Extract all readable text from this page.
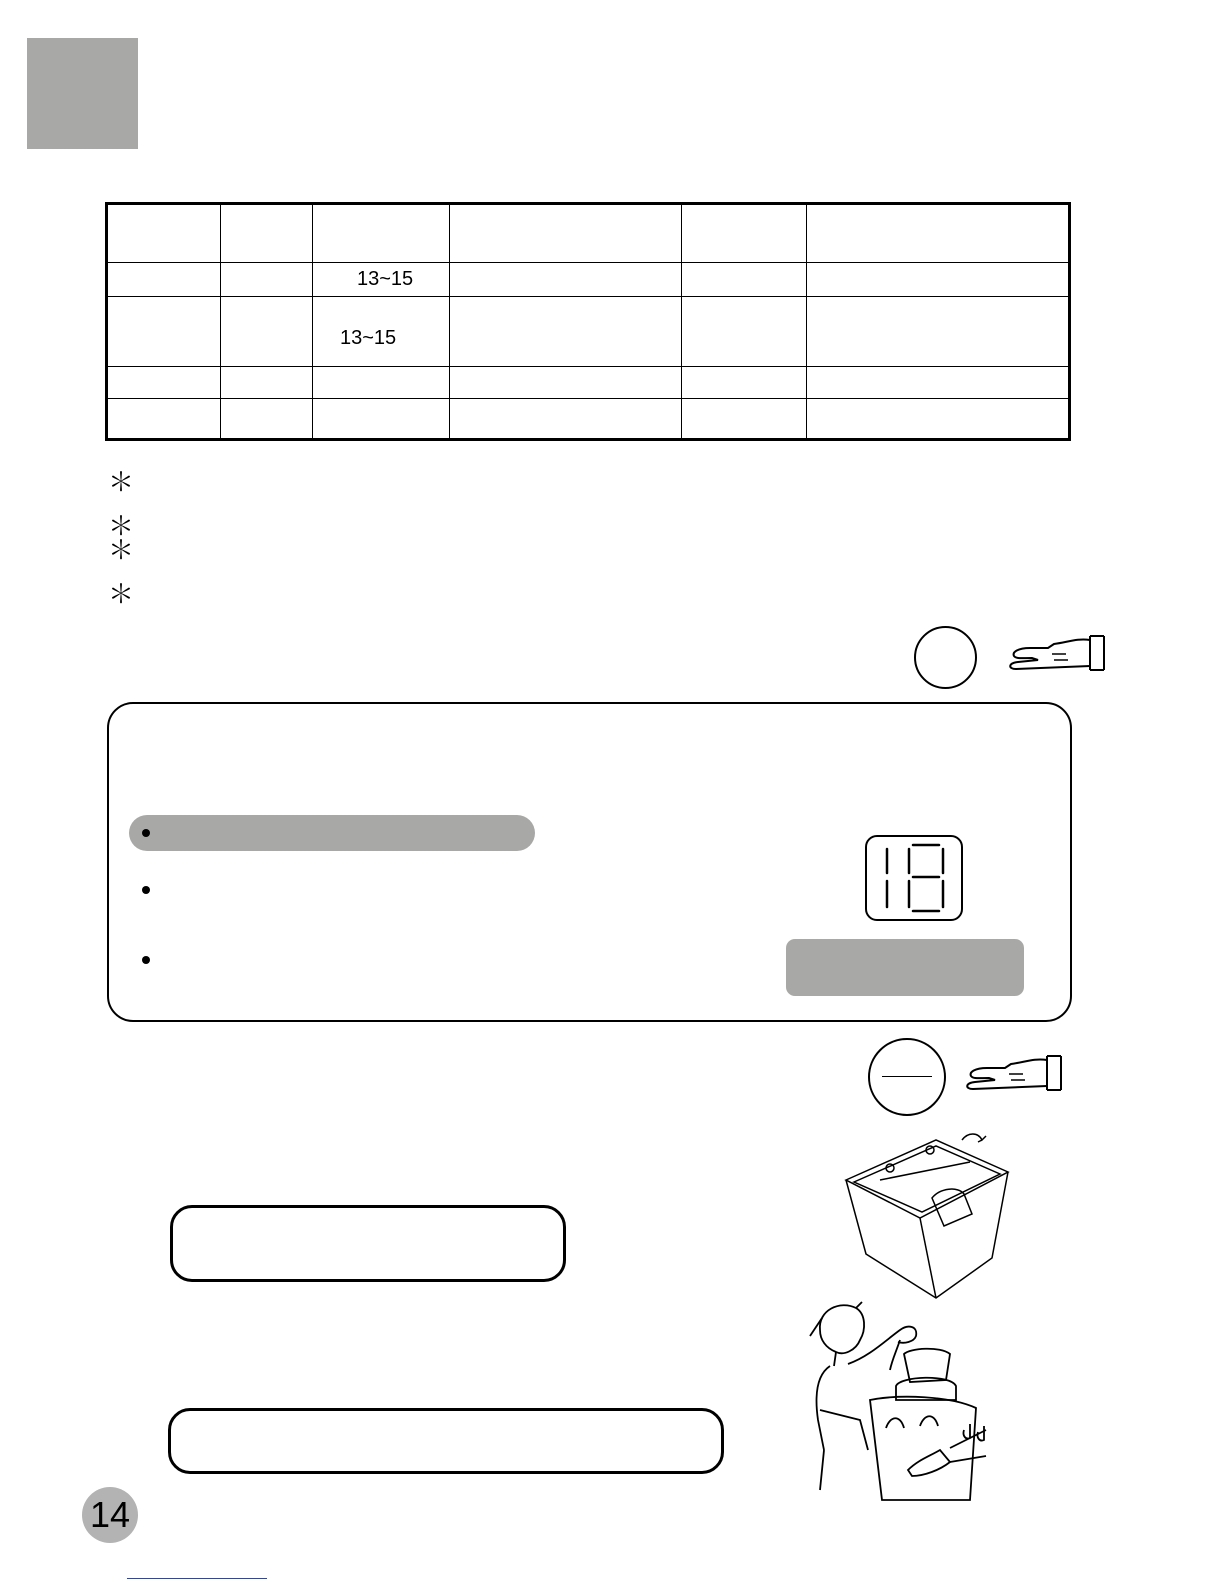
		13~15			
		13~15			

＊
＊
＊
＊
14
